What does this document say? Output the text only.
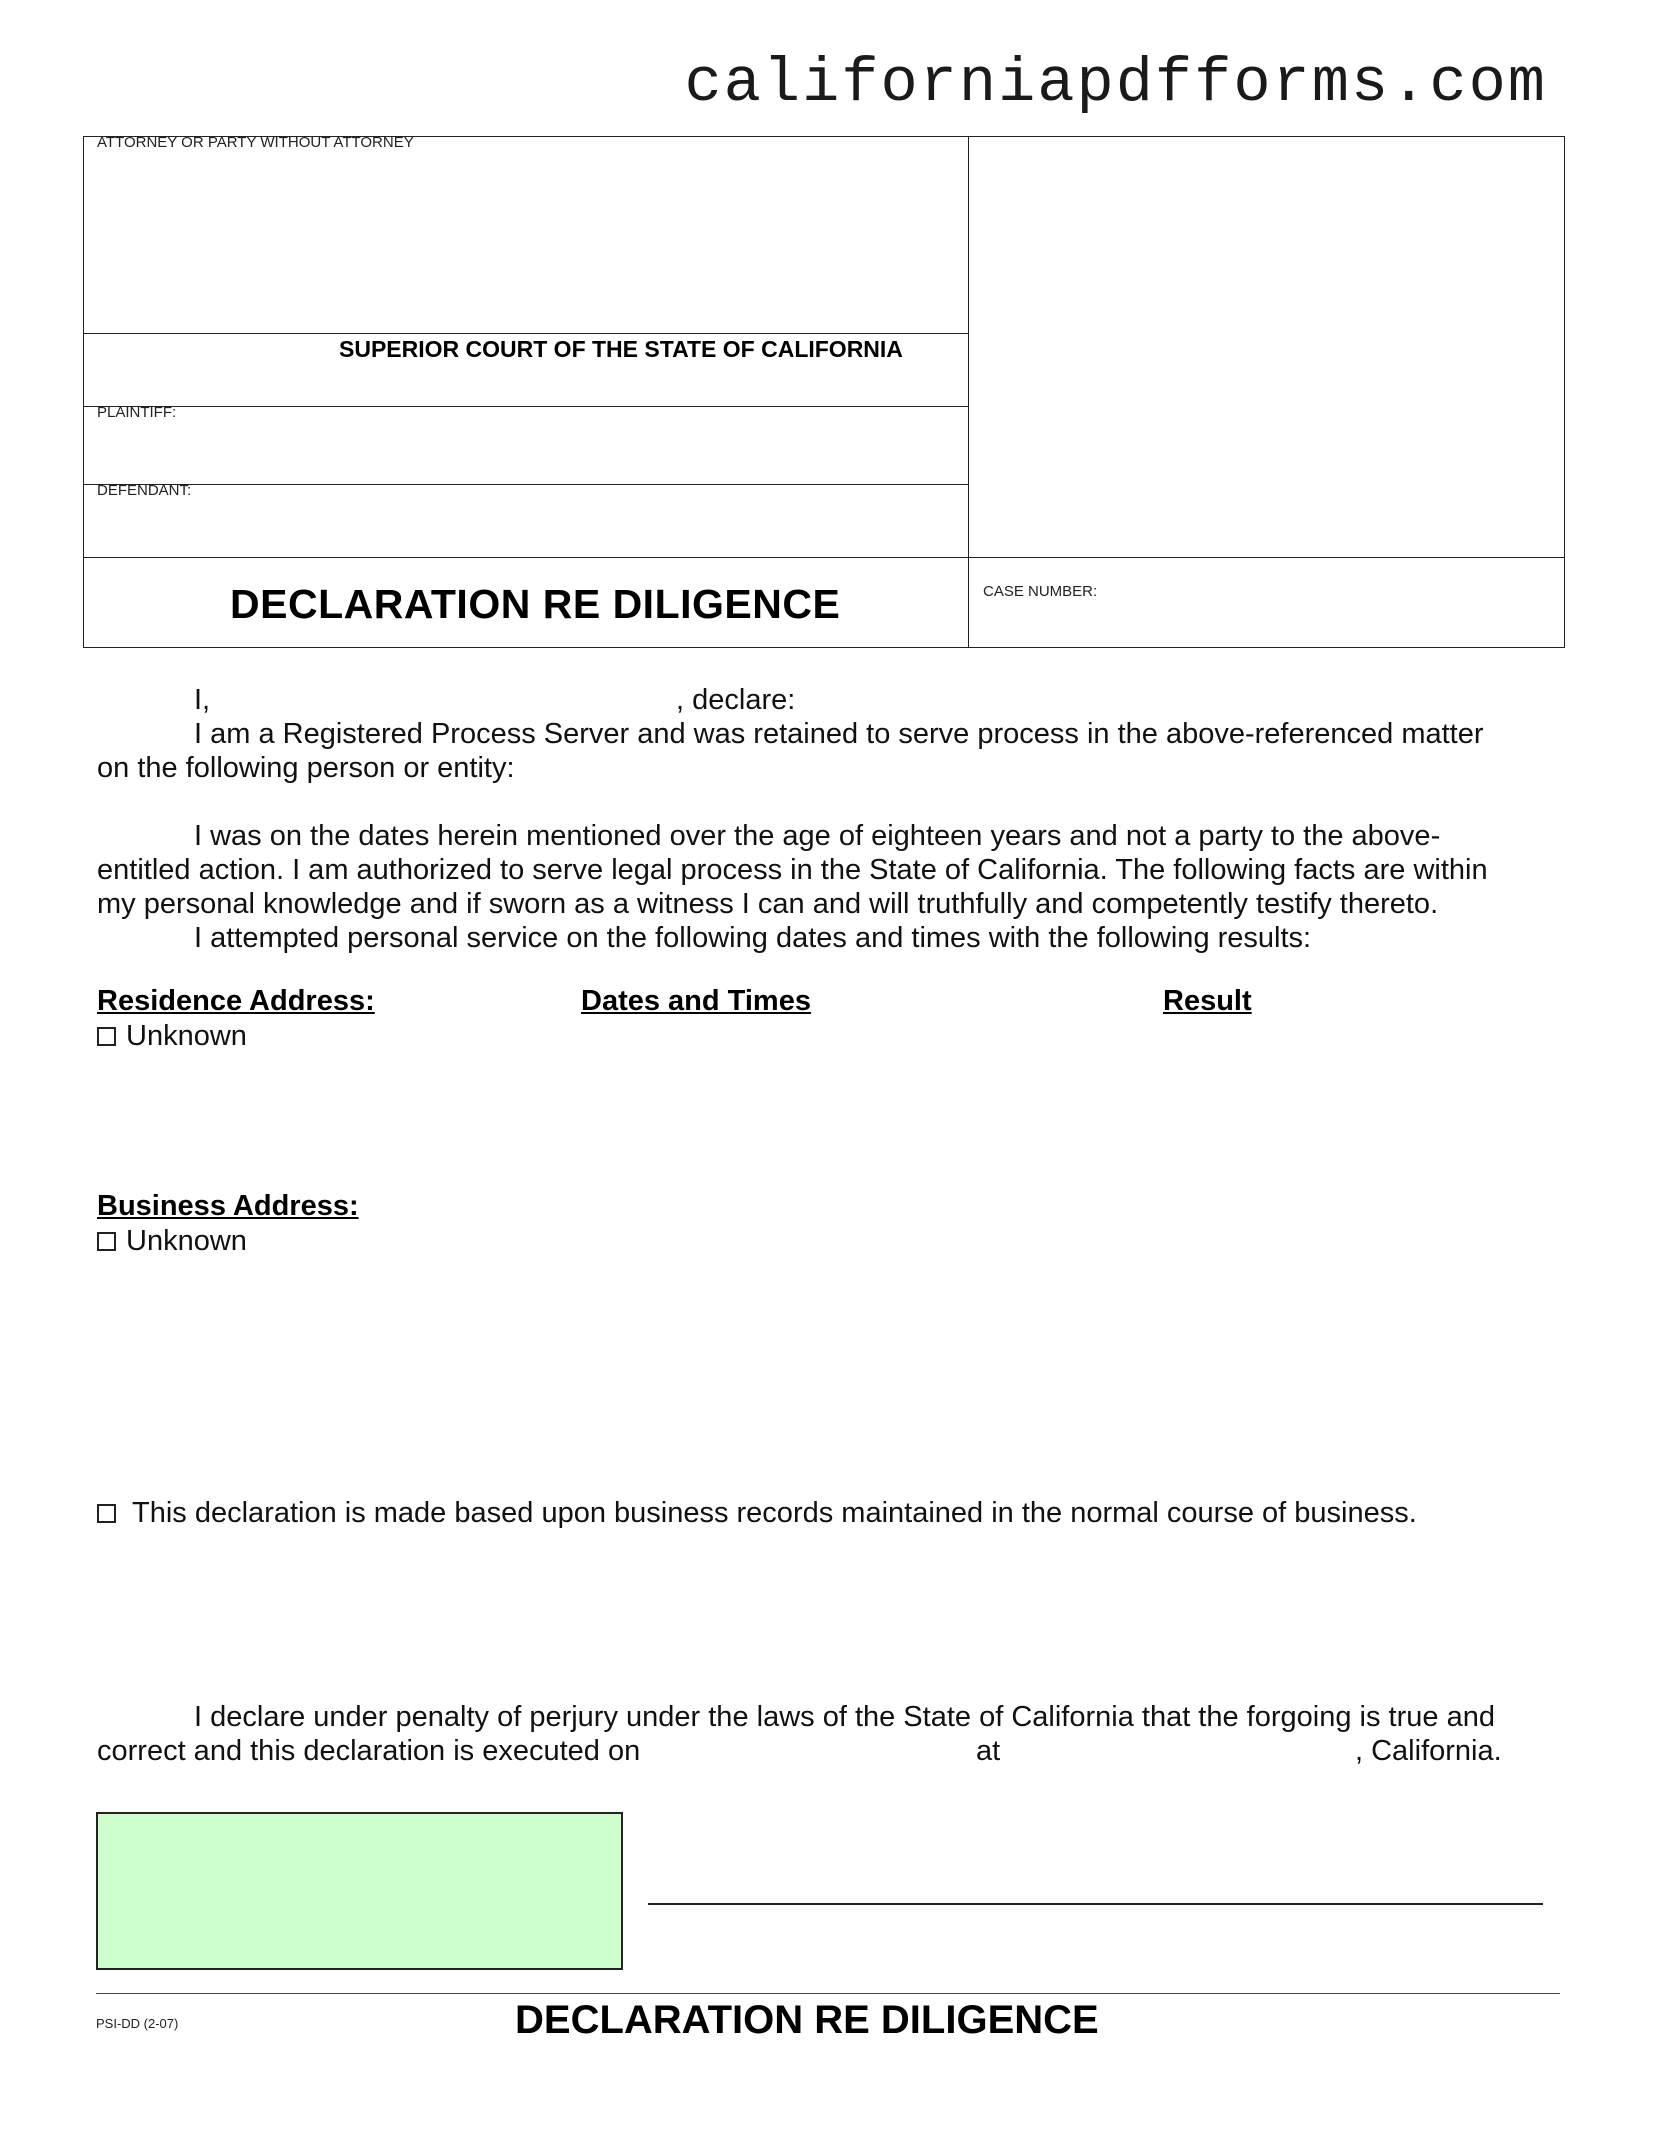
californiapdfforms.com
ATTORNEY OR PARTY WITHOUT ATTORNEY
SUPERIOR COURT OF THE STATE OF CALIFORNIA
PLAINTIFF:
DEFENDANT:
DECLARATION RE DILIGENCE	CASE NUMBER:
I,	, declare:
I am a Registered Process Server and was retained to serve process in the above-referenced matter
on the following person or entity:
I was on the dates herein mentioned over the age of eighteen years and not a party to the above-
entitled action. I am authorized to serve legal process in the State of California. The following facts are within
my personal knowledge and if sworn as a witness I can and will truthfully and competently testify thereto.
I attempted personal service on the following dates and times with the following results:
Residence Address:	Dates and Times	Result
Unknown
Business Address:
Unknown
This declaration is made based upon business records maintained in the normal course of business.
I declare under penalty of perjury under the laws of the State of California that the forgoing is true and
correct and this declaration is executed on	at	, California.
PSI-DD (2-07)	DECLARATION RE DILIGENCE
